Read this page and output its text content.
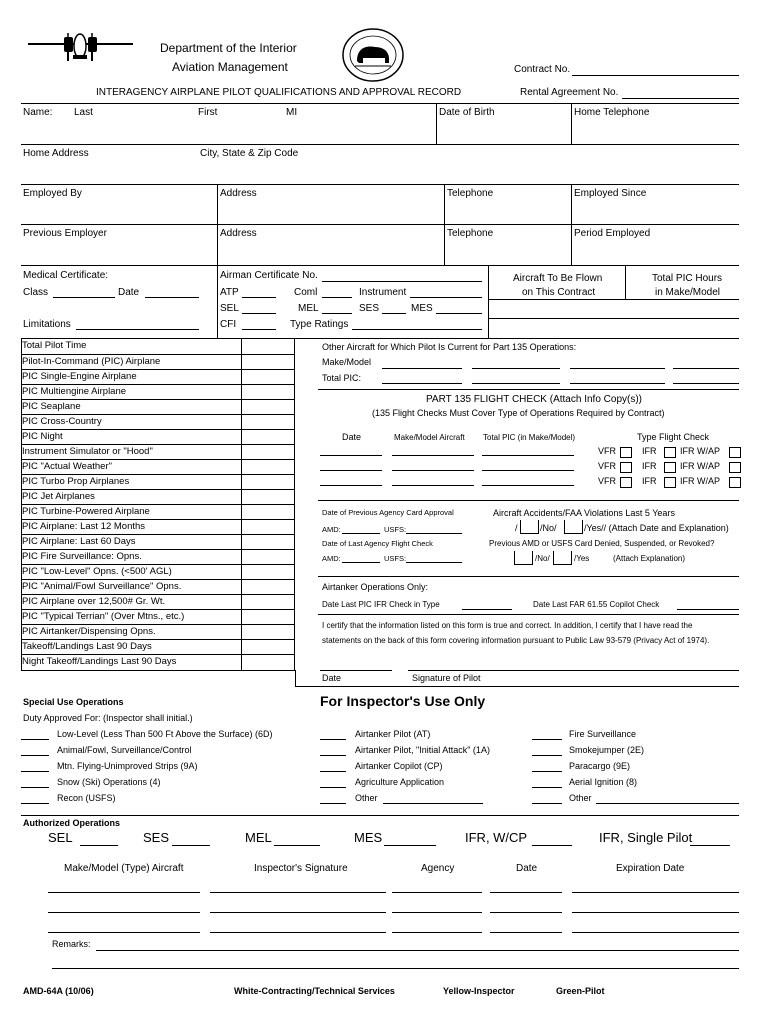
Department of the Interior
Aviation Management	Contract No.
INTERAGENCY AIRPLANE PILOT QUALIFICATIONS AND APPROVAL RECORD	Rental Agreement No.
Name: Last	First	MI	Date of Birth	Home Telephone
Home Address	City, State & Zip Code
Employed By	Address	Telephone	Employed Since
Previous Employer	Address	Telephone	Period Employed
Medical Certificate:
Class	Date
Limitations
Airman Certificate No.
ATP	Coml	Instrument
SEL	MEL	SES	MES
CFI	Type Ratings
Aircraft To Be Flown
on This Contract
Total PIC Hours
in Make/Model
Total Pilot Time
Pilot-In-Command (PIC) Airplane
PIC Single-Engine Airplane
PIC Multiengine Airplane
PIC Seaplane
PIC Cross-Country
PIC Night
Instrument Simulator or "Hood"
PIC "Actual Weather"
PIC Turbo Prop Airplanes
PIC Jet Airplanes
PIC Turbine-Powered Airplane
PIC Airplane: Last 12 Months
PIC Airplane: Last 60 Days
PIC Fire Surveillance: Opns.
PIC "Low-Level" Opns. (<500' AGL)
PIC "Animal/Fowl Surveillance" Opns.
PIC Airplane over 12,500# Gr. Wt.
PIC "Typical Terrian" (Over Mtns., etc.)
PIC Airtanker/Dispensing Opns.
Takeoff/Landings Last 90 Days
Night Takeoff/Landings Last 90 Days
Other Aircraft for Which Pilot Is Current for Part 135 Operations:
Make/Model
Total PIC:
PART 135 FLIGHT CHECK (Attach Info Copy(s))
(135 Flight Checks Must Cover Type of Operations Required by Contract)
Date	Make/Model Aircraft Total PIC (in Make/Model)	Type Flight Check
VFR	IFR	IFR W/AP
VFR	IFR	IFR W/AP
VFR	IFR	IFR W/AP
Date of Previous Agency Card Approval
AMD:	USFS:
Date of Last Agency Flight Check
AMD:	USFS:
Aircraft Accidents/FAA Violations Last 5 Years
/ /No/	/Yes// (Attach Date and Explanation)
Previous AMD or USFS Card Denied, Suspended, or Revoked?
/No/	/Yes	(Attach Explanation)
Airtanker Operations Only:
Date Last PIC IFR Check in Type	Date Last FAR 61.55 Copilot Check
I certify that the information listed on this form is true and correct. In addition, I certify that I have read the
statements on the back of this form covering information pursuant to Public Law 93-579 (Privacy Act of 1974).
Date	Signature of Pilot
For Inspector's Use Only
Special Use Operations
Duty Approved For: (Inspector shall initial.)
Low-Level (Less Than 500 Ft Above the Surface) (6D)	Airtanker Pilot (AT)	Fire Surveillance
Animal/Fowl, Surveillance/Control	Airtanker Pilot, "Initial Attack" (1A)	Smokejumper (2E)
Mtn. Flying-Unimproved Strips (9A)	Airtanker Copilot (CP)	Paracargo (9E)
Snow (Ski) Operations (4)	Agriculture Application	Aerial Ignition (8)
Recon (USFS)	Other	Other
Authorized Operations
SEL	SES	MEL	MES	IFR, W/CP	IFR, Single Pilot
Make/Model (Type) Aircraft	Inspector's Signature	Agency	Date	Expiration Date
Remarks:
AMD-64A (10/06)	White-Contracting/Technical Services	Yellow-Inspector	Green-Pilot
